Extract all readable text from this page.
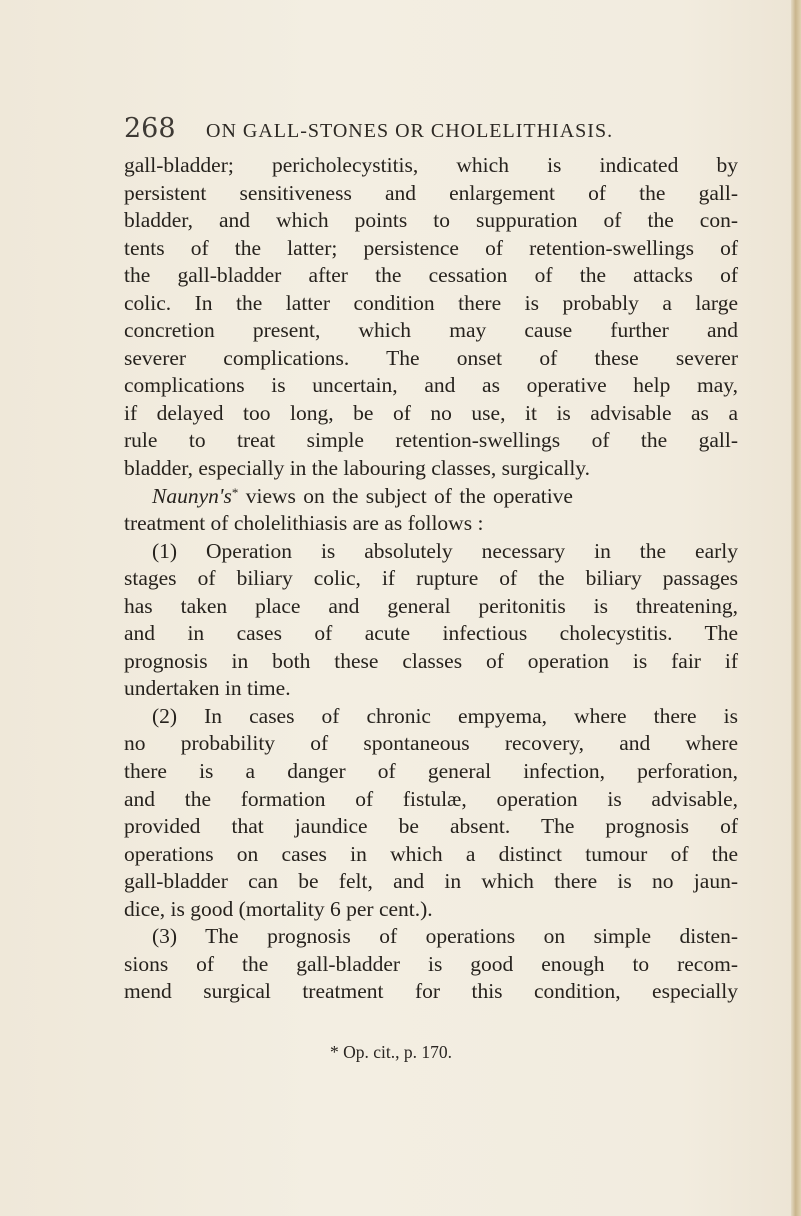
268 ON GALL-STONES OR CHOLELITHIASIS.
gall-bladder; pericholecystitis, which is indicated by
persistent sensitiveness and enlargement of the gall-
bladder, and which points to suppuration of the con-
tents of the latter; persistence of retention-swellings of
the gall-bladder after the cessation of the attacks of
colic. In the latter condition there is probably a large
concretion present, which may cause further and
severer complications. The onset of these severer
complications is uncertain, and as operative help may,
if delayed too long, be of no use, it is advisable as a
rule to treat simple retention-swellings of the gall-
bladder, especially in the labouring classes, surgically.
Naunyn's* views on the subject of the operative
treatment of cholelithiasis are as follows :
(1) Operation is absolutely necessary in the early
stages of biliary colic, if rupture of the biliary passages
has taken place and general peritonitis is threatening,
and in cases of acute infectious cholecystitis. The
prognosis in both these classes of operation is fair if
undertaken in time.
(2) In cases of chronic empyema, where there is
no probability of spontaneous recovery, and where
there is a danger of general infection, perforation,
and the formation of fistulæ, operation is advisable,
provided that jaundice be absent. The prognosis of
operations on cases in which a distinct tumour of the
gall-bladder can be felt, and in which there is no jaun-
dice, is good (mortality 6 per cent.).
(3) The prognosis of operations on simple disten-
sions of the gall-bladder is good enough to recom-
mend surgical treatment for this condition, especially
* Op. cit., p. 170.
